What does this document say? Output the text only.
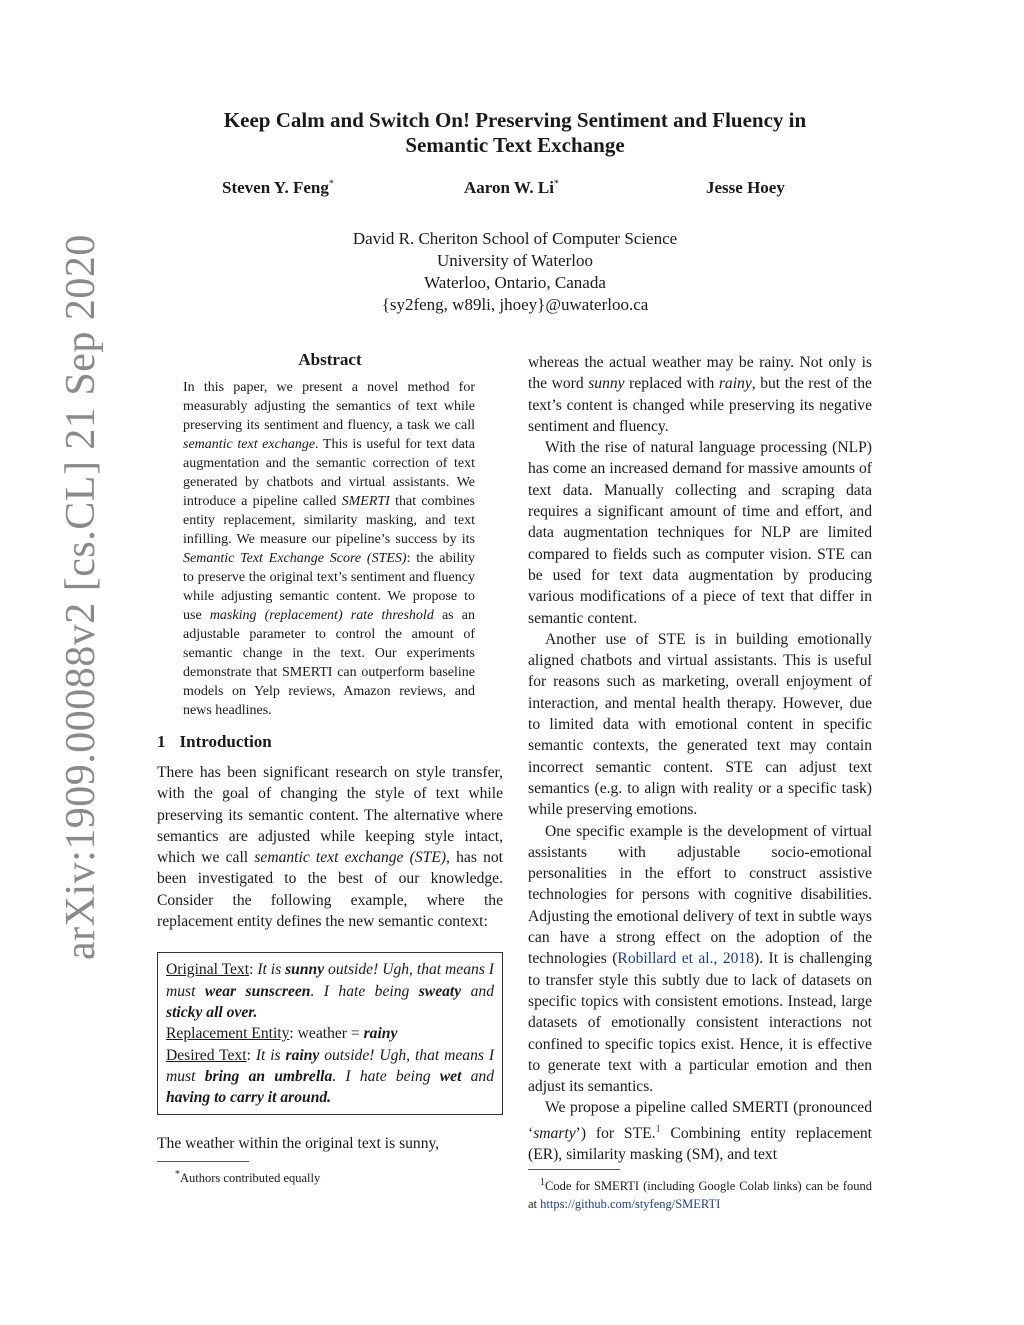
arXiv:1909.00088v2 [cs.CL] 21 Sep 2020
Keep Calm and Switch On! Preserving Sentiment and Fluency in
Semantic Text Exchange
Steven Y. Feng*	Aaron W. Li*	Jesse Hoey
David R. Cheriton School of Computer Science
University of Waterloo
Waterloo, Ontario, Canada
{sy2feng, w89li, jhoey}@uwaterloo.ca
Abstract

In this paper, we present a novel method for measurably adjusting the semantics of text while preserving its sentiment and fluency, a task we call semantic text exchange. This is useful for text data augmentation and the semantic correction of text generated by chatbots and virtual assistants. We introduce a pipeline called SMERTI that combines entity replacement, similarity masking, and text infilling. We measure our pipeline’s success by its Semantic Text Exchange Score (STES): the ability to preserve the original text’s sentiment and fluency while adjusting semantic content. We propose to use masking (replacement) rate threshold as an adjustable parameter to control the amount of semantic change in the text. Our experiments demonstrate that SMERTI can outperform baseline models on Yelp reviews, Amazon reviews, and news headlines.

1 Introduction

There has been significant research on style transfer, with the goal of changing the style of text while preserving its semantic content. The alternative where semantics are adjusted while keeping style intact, which we call semantic text exchange (STE), has not been investigated to the best of our knowledge. Consider the following example, where the replacement entity defines the new semantic context:

Original Text: It is sunny outside! Ugh, that means I must wear sunscreen. I hate being sweaty and sticky all over.
Replacement Entity: weather = rainy
Desired Text: It is rainy outside! Ugh, that means I must bring an umbrella. I hate being wet and having to carry it around.

The weather within the original text is sunny,

*Authors contributed equally

whereas the actual weather may be rainy. Not only is the word sunny replaced with rainy, but the rest of the text’s content is changed while preserving its negative sentiment and fluency.

With the rise of natural language processing (NLP) has come an increased demand for massive amounts of text data. Manually collecting and scraping data requires a significant amount of time and effort, and data augmentation techniques for NLP are limited compared to fields such as computer vision. STE can be used for text data augmentation by producing various modifications of a piece of text that differ in semantic content.

Another use of STE is in building emotionally aligned chatbots and virtual assistants. This is useful for reasons such as marketing, overall enjoyment of interaction, and mental health therapy. However, due to limited data with emotional content in specific semantic contexts, the generated text may contain incorrect semantic content. STE can adjust text semantics (e.g. to align with reality or a specific task) while preserving emotions.

One specific example is the development of virtual assistants with adjustable socio-emotional personalities in the effort to construct assistive technologies for persons with cognitive disabilities. Adjusting the emotional delivery of text in subtle ways can have a strong effect on the adoption of the technologies (Robillard et al., 2018). It is challenging to transfer style this subtly due to lack of datasets on specific topics with consistent emotions. Instead, large datasets of emotionally consistent interactions not confined to specific topics exist. Hence, it is effective to generate text with a particular emotion and then adjust its semantics.

We propose a pipeline called SMERTI (pronounced ‘smarty’) for STE.$^1$ Combining entity replacement (ER), similarity masking (SM), and text

$^1$Code for SMERTI (including Google Colab links) can be found at https://github.com/styfeng/SMERTI
